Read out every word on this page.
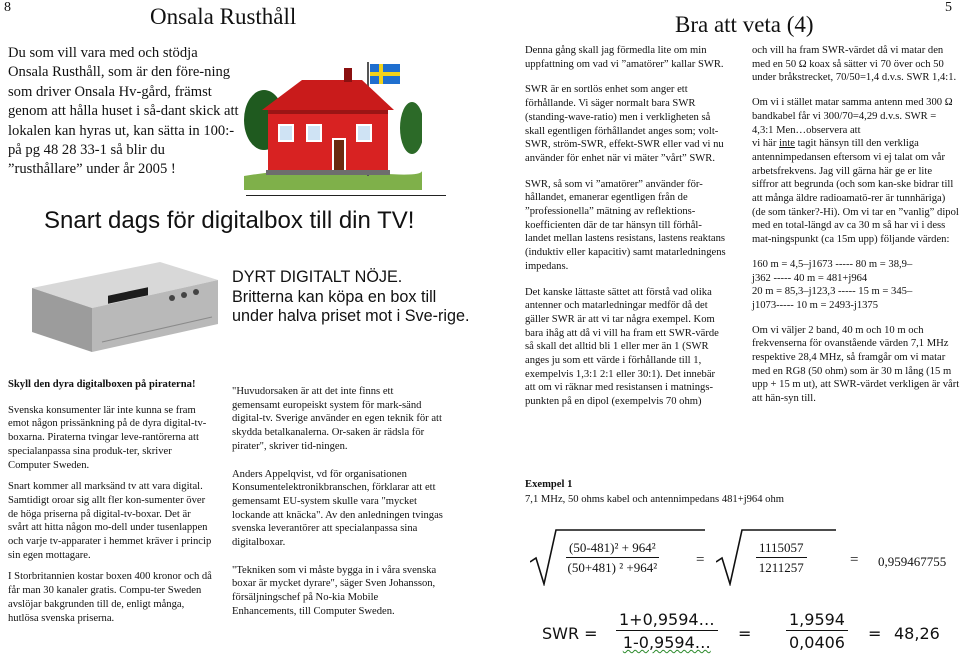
8	Onsala Rusthåll

Du som vill vara med och stödja Onsala Rusthåll, som är den före-ning som driver Onsala Hv-gård, främst genom att hålla huset i så-dant skick att lokalen kan hyras ut, kan sätta in 100:- på pg 48 28 33-1 så blir du ”rusthållare” under år 2005 !

Snart dags för digitalbox till din TV!
DYRT DIGITALT NÖJE.
Britterna kan köpa en box till under halva priset mot i Sve-rige.

Skyll den dyra digitalboxen på piraterna!

Svenska konsumenter lär inte kunna se fram emot någon prissänkning på de dyra digital-tv-boxarna. Piraterna tvingar leve-rantörerna att specialanpassa sina produk-ter, skriver Computer Sweden.

Snart kommer all marksänd tv att vara digital. Samtidigt oroar sig allt fler kon-sumenter över de höga priserna på digital-tv-boxar. Det är svårt att hitta någon mo-dell under tusenlappen och varje tv-apparater i hemmet kräver i princip sin egen mottagare.

I Storbritannien kostar boxen 400 kronor och då får man 30 kanaler gratis. Compu-ter Sweden avslöjar bakgrunden till de, enligt många, hutlösa svenska priserna.

"Huvudorsaken är att det inte finns ett gemensamt europeiskt system för mark-sänd digital-tv. Sverige använder en egen teknik för att skydda betalkanalerna. Or-saken är rädsla för pirater", skriver tid-ningen.

Anders Appelqvist, vd för organisationen Konsumentelektronikbranschen, förklarar att ett gemensamt EU-system skulle vara "mycket lockande att knäcka". Av den anledningen tvingas svenska leverantörer att specialanpassa sina digitalboxar.

"Tekniken som vi måste bygga in i våra svenska boxar är mycket dyrare", säger Sven Johansson, försäljningschef på No-kia Mobile Enhancements, till Computer Sweden.

5
Bra att veta (4)

Denna gång skall jag förmedla lite om min uppfattning om vad vi ”amatörer” kallar SWR.

SWR är en sortlös enhet som anger ett förhållande. Vi säger normalt bara SWR (standing-wave-ratio) men i verkligheten så skall egentligen förhållandet anges som; volt-SWR, ström-SWR, effekt-SWR eller vad vi nu använder för enhet när vi mäter ”vårt” SWR.

SWR, så som vi ”amatörer” använder för-hållandet, emanerar egentligen från de ”professionella” mätning av reflektions-koefficienten där de tar hänsyn till förhål-landet mellan lastens resistans, lastens reaktans (induktiv eller kapacitiv) samt matarledningens impedans.

Det kanske lättaste sättet att förstå vad olika antenner och matarledningar medför då det gäller SWR är att vi tar några exempel. Kom bara ihåg att då vi vill ha fram ett SWR-värde så skall det alltid bli 1 eller mer än 1 (SWR anges ju som ett värde i förhållande till 1, exempelvis 1,3:1 2:1 eller 30:1). Det innebär att om vi räknar med resistansen i matnings-punkten på en dipol (exempelvis 70 ohm)

och vill ha fram SWR-värdet då vi matar den med en 50 Ω koax så sätter vi 70 över och 50 under bråkstrecket, 70/50=1,4 d.v.s. SWR 1,4:1.

Om vi i stället matar samma antenn med 300 Ω bandkabel får vi 300/70=4,29 d.v.s. SWR = 4,3:1 Men…observera att

vi här inte tagit hänsyn till den verkliga antennimpedansen eftersom vi ej talat om vår arbetsfrekvens. Jag vill gärna här ge er lite siffror att begrunda (och som kan-ske bidrar till att många äldre radioamatö-rer är tunnhäriga) (de som tänker?-Hi). Om vi tar en ”vanlig” dipol med en total-längd av ca 30 m så har vi i dess mat-ningspunkt (ca 15m upp) följande värden:

160 m = 4,5–j1673 ----- 80 m = 38,9–
j362 ----- 40 m = 481+j964
20 m = 85,3–j123,3 ----- 15 m = 345–
j1073----- 10 m = 2493-j1375

Om vi väljer 2 band, 40 m och 10 m och frekvenserna för ovanstående värden 7,1 MHz respektive 28,4 MHz, så framgår om vi matar med en RG8 (50 ohm) som är 30 m lång (15 m upp + 15 m ut), att SWR-värdet verkligen är vårt att hän-syn till.

Exempel 1
7,1 MHz, 50 ohms kabel och antennimpedans 481+j964 ohm
$\frac{\text{(50-481)² + 964²}}{\text{(50+481) ² +964²}}$ =	$\frac{1115057}{1211257}$	= 0,959467755
SWR = $\frac{1+0,9594\dots}{1-0,9594\dots} = \frac{1,9594}{0,0406} = 48,26$
